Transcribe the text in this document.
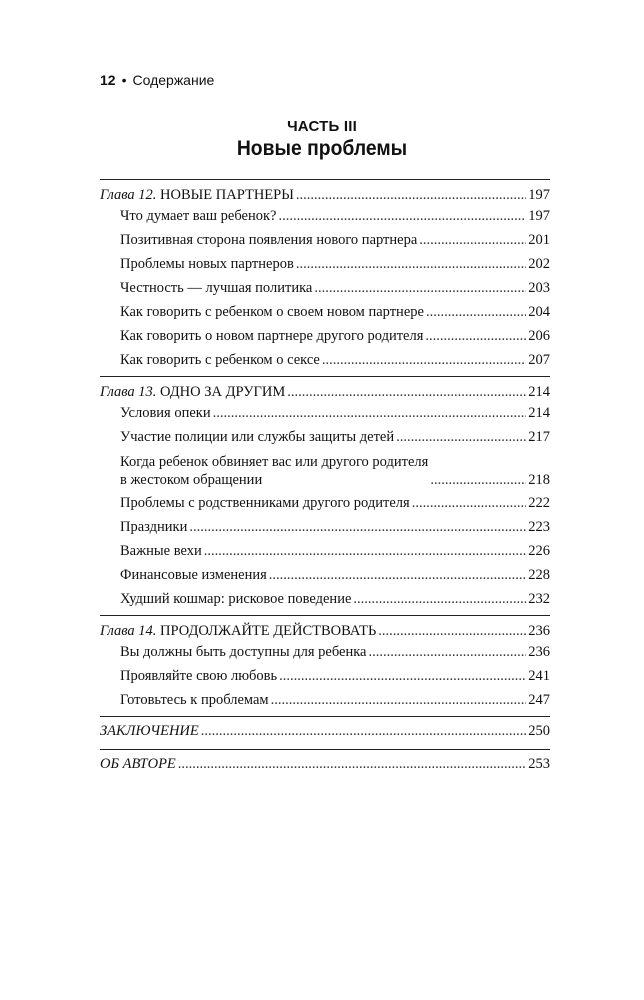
12 • Содержание
ЧАСТЬ III
Новые проблемы
Глава 12. НОВЫЕ ПАРТНЕРЫ .....	197
Что думает ваш ребенок? .....	197
Позитивная сторона появления нового партнера .....	201
Проблемы новых партнеров .....	202
Честность — лучшая политика .....	203
Как говорить с ребенком о своем новом партнере .....	204
Как говорить о новом партнере другого родителя .....	206
Как говорить с ребенком о сексе .....	207
Глава 13. ОДНО ЗА ДРУГИМ .....	214
Условия опеки .....	214
Участие полиции или службы защиты детей .....	217
Когда ребенок обвиняет вас или другого родителя
в жестоком обращении .....	218
Проблемы с родственниками другого родителя .....	222
Праздники .....	223
Важные вехи .....	226
Финансовые изменения .....	228
Худший кошмар: рисковое поведение .....	232
Глава 14. ПРОДОЛЖАЙТЕ ДЕЙСТВОВАТЬ .....	236
Вы должны быть доступны для ребенка .....	236
Проявляйте свою любовь .....	241
Готовьтесь к проблемам .....	247
ЗАКЛЮЧЕНИЕ .....	250
ОБ АВТОРЕ .....	253
